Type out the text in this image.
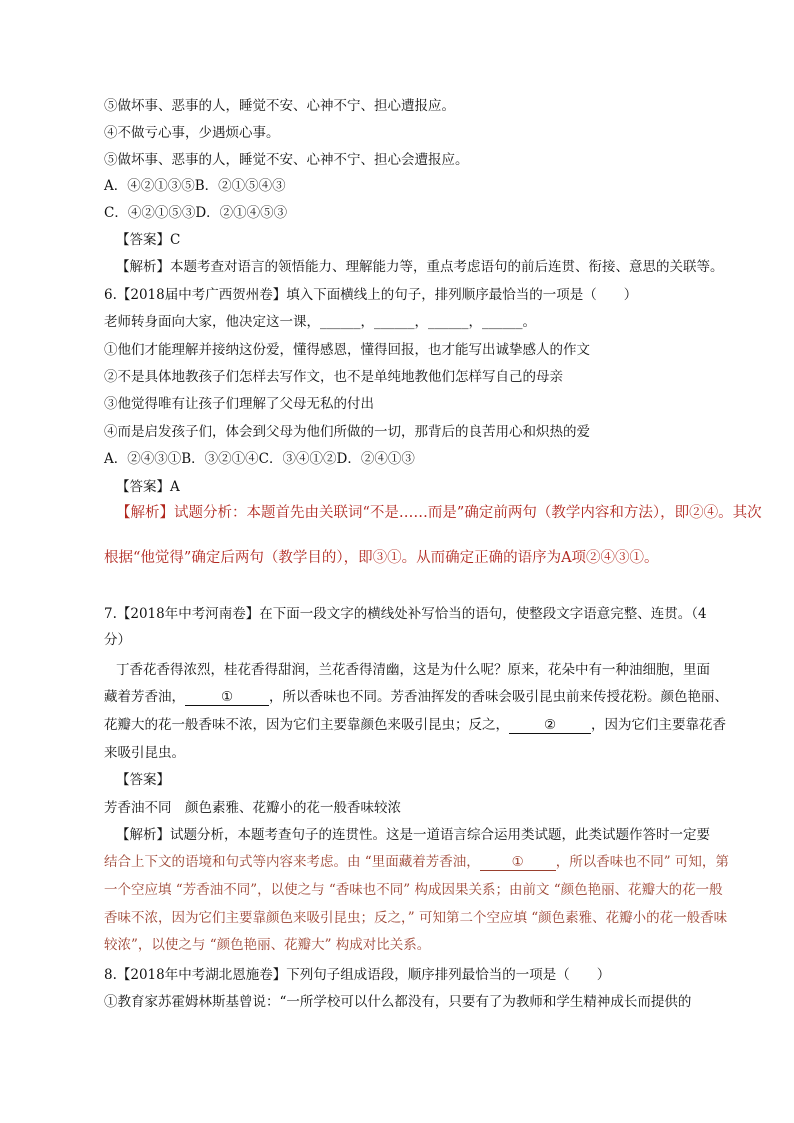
⑤做坏事、恶事的人，睡觉不安、心神不宁、担心遭报应。
④不做亏心事，少遇烦心事。
⑤做坏事、恶事的人，睡觉不安、心神不宁、担心会遭报应。
A．④②①③⑤B．②①⑤④③
C．④②①⑤③D．②①④⑤③
【答案】C
【解析】本题考查对语言的领悟能力、理解能力等，重点考虑语句的前后连贯、衔接、意思的关联等。
6.【2018届中考广西贺州卷】填入下面横线上的句子，排列顺序最恰当的一项是（　　）
老师转身面向大家，他决定这一课，______，______，______，______。
①他们才能理解并接纳这份爱，懂得感恩，懂得回报，也才能写出诚挚感人的作文
②不是具体地教孩子们怎样去写作文，也不是单纯地教他们怎样写自己的母亲
③他觉得唯有让孩子们理解了父母无私的付出
④而是启发孩子们，体会到父母为他们所做的一切，那背后的良苦用心和炽热的爱
A．②④③①B．③②①④C．③④①②D．②④①③
【答案】A
【解析】试题分析：本题首先由关联词“不是……而是”确定前两句（教学内容和方法），即②④。其次
根据“他觉得”确定后两句（教学目的），即③①。从而确定正确的语序为A项②④③①。
7.【2018年中考河南卷】在下面一段文字的横线处补写恰当的语句，使整段文字语意完整、连贯。（4
分）
丁香花香得浓烈，桂花香得甜润，兰花香得清幽，这是为什么呢？原来，花朵中有一种油细胞，里面
藏着芳香油，	①	，所以香味也不同。芳香油挥发的香味会吸引昆虫前来传授花粉。颜色艳丽、
花瓣大的花一般香味不浓，因为它们主要靠颜色来吸引昆虫；反之，	②	，因为它们主要靠花香
来吸引昆虫。
【答案】
芳香油不同　颜色素雅、花瓣小的花一般香味较浓
【解析】试题分析，本题考查句子的连贯性。这是一道语言综合运用类试题，此类试题作答时一定要
结合上下文的语境和句式等内容来考虑。由 “里面藏着芳香油， ① ，所以香味也不同” 可知，第
一个空应填 “芳香油不同”，以使之与 “香味也不同” 构成因果关系；由前文 “颜色艳丽、花瓣大的花一般
香味不浓，因为它们主要靠颜色来吸引昆虫；反之，” 可知第二个空应填 “颜色素雅、花瓣小的花一般香味
较浓”，以使之与 “颜色艳丽、花瓣大” 构成对比关系。
8.【2018年中考湖北恩施卷】下列句子组成语段，顺序排列最恰当的一项是（　　）
①教育家苏霍姆林斯基曾说：“一所学校可以什么都没有，只要有了为教师和学生精神成长而提供的
